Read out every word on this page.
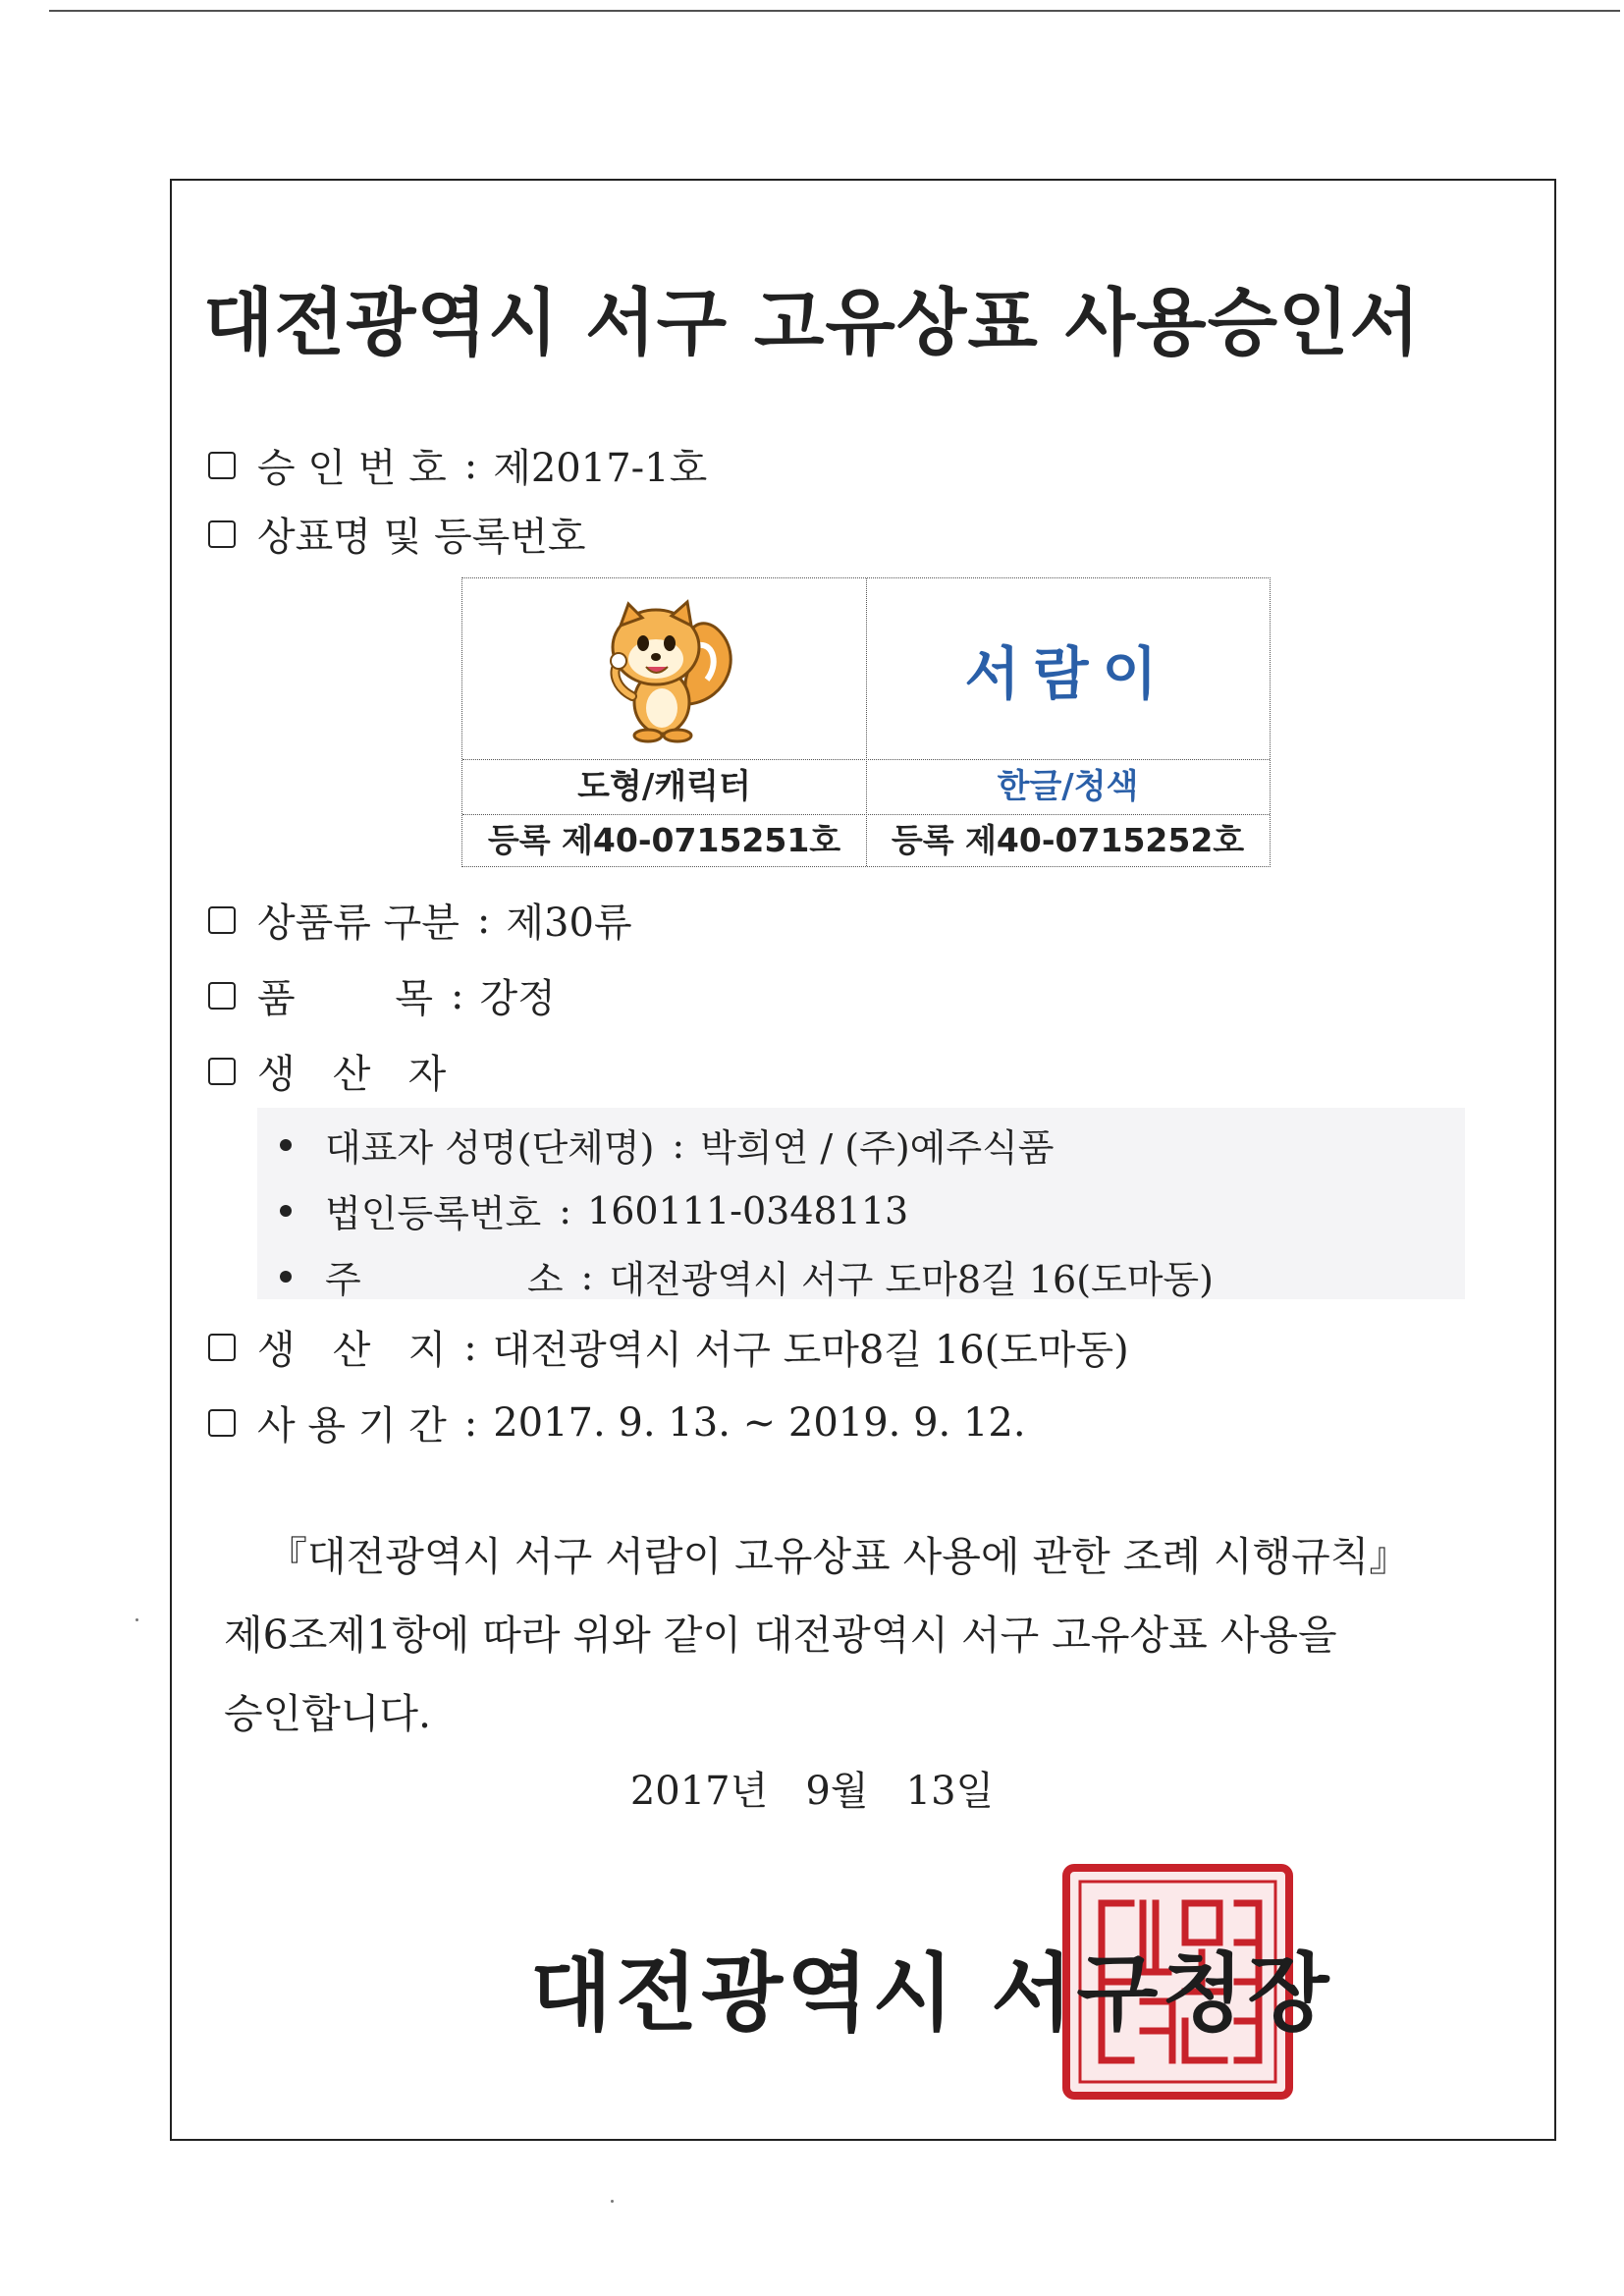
대전광역시 서구 고유상표 사용승인서
승 인 번 호 : 제2017-1호
상표명 및 등록번호
서람이
도형/캐릭터	한글/청색
등록 제40-0715251호	등록 제40-0715252호
상품류 구분 : 제30류
품        목 : 강정
생   산   자
대표자 성명(단체명) : 박희연 / (주)예주식품
법인등록번호 : 160111-0348113
주              소 : 대전광역시 서구 도마8길 16(도마동)
생   산   지 : 대전광역시 서구 도마8길 16(도마동)
사 용 기 간 : 2017. 9. 13. ~ 2019. 9. 12.
『대전광역시 서구 서람이 고유상표 사용에 관한 조례 시행규칙』
제6조제1항에 따라 위와 같이 대전광역시 서구 고유상표 사용을
승인합니다.
2017년   9월   13일
대전광역시 서구청장
